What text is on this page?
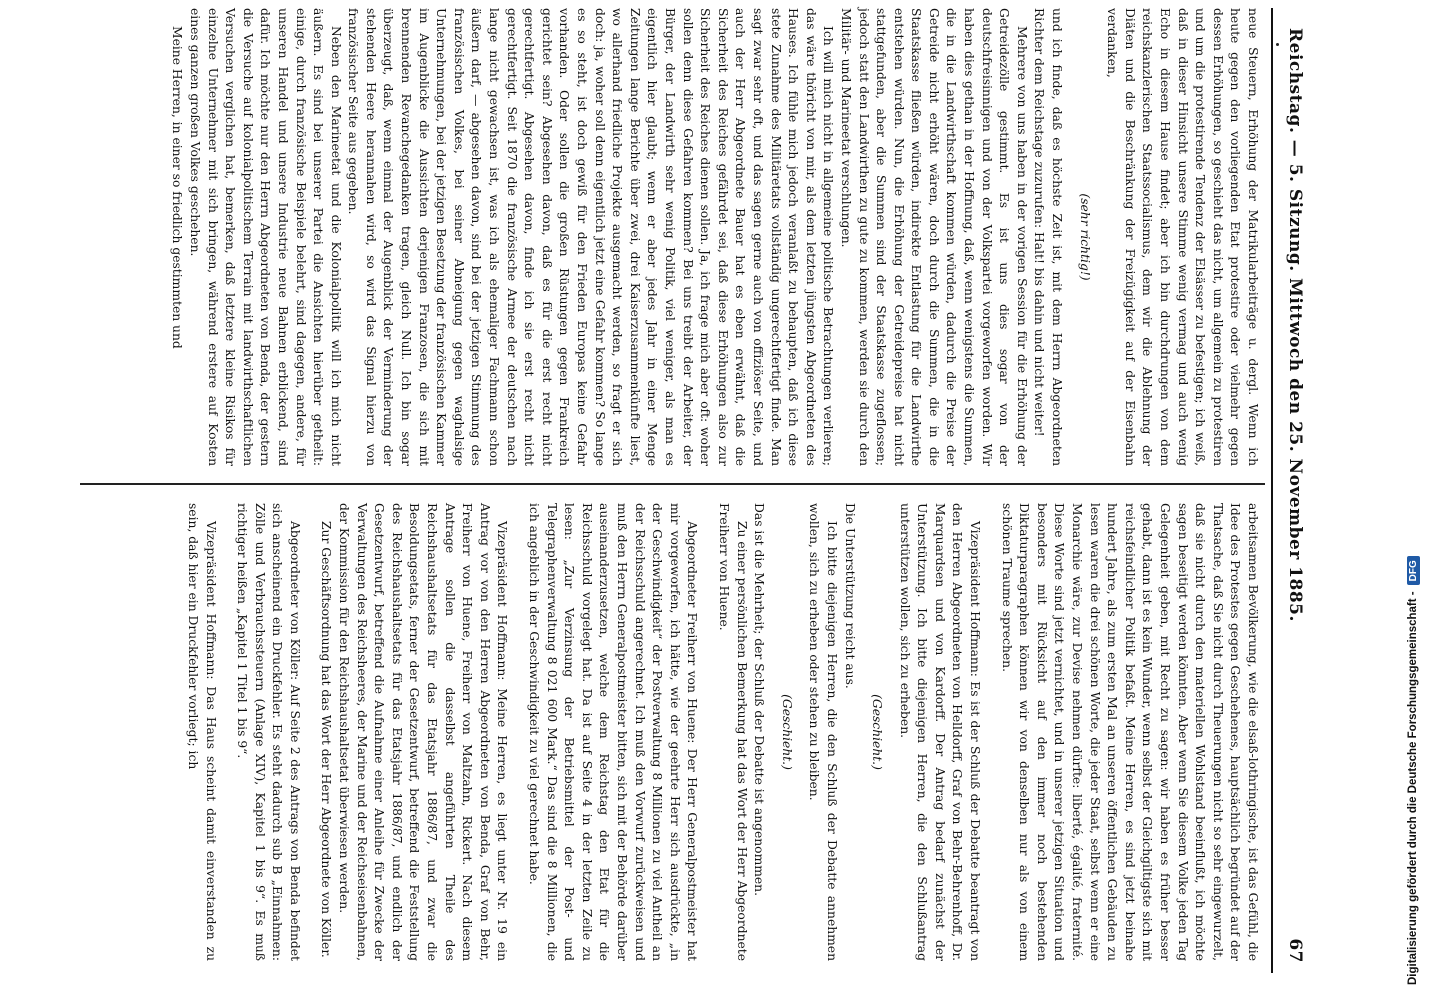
Reichstag. — 5. Sitzung.
Mittwoch den 25. November 1885.
67

neue Steuern, Erhöhung der Matrikularbeiträge u. dergl. Wenn ich heute gegen den vorliegenden Etat protestire oder vielmehr gegen dessen Erhöhungen, so geschieht das nicht, um allgemein zu protestiren und um die protestirende Tendenz der Elsässer zu befestigen; ich weiß, daß in dieser Hinsicht unsere Stimme wenig vermag und auch wenig Echo in diesem Hause findet; aber ich bin durchdrungen von dem reichskanzlerischen Staatssocialismus, dem wir die Ablehnung der Diäten und die Beschränkung der Freizügigkeit auf der Eisenbahn verdanken,

(sehr richtig!)

und ich finde, daß es höchste Zeit ist, mit dem Herrn Abgeordneten Richter dem Reichstage zuzurufen: Halt! bis dahin und nicht weiter!

Mehrere von uns haben in der vorigen Session für die Erhöhung der Getreidezölle gestimmt. Es ist uns dies sogar von der deutschfreisinnigen und von der Volkspartei vorgeworfen worden. Wir haben dies gethan in der Hoffnung, daß, wenn wenigstens die Summen, die in die Landwirthschaft kommen würden, dadurch die Preise der Getreide nicht erhöht wären, doch durch die Summen, die in die Staatskasse fließen würden, indirekte Entlastung für die Landwirthe entstehen würden. Nun, die Erhöhung der Getreidepreise hat nicht stattgefunden, aber die Summen sind der Staatskasse zugeflossen; jedoch statt den Landwirthen zu gute zu kommen, werden sie durch den Militär- und Marineetat verschlungen.

Ich will mich nicht in allgemeine politische Betrachtungen verlieren; das wäre thöricht von mir, als dem letzten jüngsten Abgeordneten des Hauses. Ich fühle mich jedoch veranlaßt zu behaupten, daß ich diese stete Zunahme des Militäretats vollständig ungerechtfertigt finde. Man sagt zwar sehr oft, und das sagen gerne auch von offiziöser Seite, und auch der Herr Abgeordnete Bauer hat es eben erwähnt, daß die Sicherheit des Reiches gefährdet sei, daß diese Erhöhungen also zur Sicherheit des Reiches dienen sollen. Ja, ich frage mich aber oft: woher sollen denn diese Gefahren kommen? Bei uns treibt der Arbeiter, der Bürger, der Landwirth sehr wenig Politik, viel weniger, als man es eigentlich hier glaubt; wenn er aber jedes Jahr in einer Menge Zeitungen lange Berichte über zwei, drei Kaiserzusammenkünfte liest, wo allerhand friedliche Projekte ausgemacht werden, so fragt er sich doch: ja, woher soll denn eigentlich jetzt eine Gefahr kommen? So lange es so steht, ist doch gewiß für den Frieden Europas keine Gefahr vorhanden. Oder sollen die großen Rüstungen gegen Frankreich gerichtet sein? Abgesehen davon, daß es für die erst recht nicht gerechtfertigt. Abgesehen davon, finde ich sie erst recht nicht gerechtfertigt. Seit 1870 die französische Armee der deutschen nach lange nicht gewachsen ist, was ich als ehemaliger Fachmann schon äußern darf, — abgesehen davon, sind bei der jetzigen Stimmung des französischen Volkes, bei seiner Abneigung gegen waghalsige Unternehmungen, bei der jetzigen Besetzung der französischen Kammer im Augenblicke die Aussichten derjenigen Franzosen, die sich mit brennenden Revanchegedanken tragen, gleich Null. Ich bin sogar überzeugt, daß, wenn einmal der Augenblick der Verminderung der stehenden Heere herannahen wird, so wird das Signal hierzu von französischer Seite aus gegeben.

Neben den Marineetat und die Kolonialpolitik will ich mich nicht äußern. Es sind bei unserer Partei die Ansichten hierüber getheilt: einige, durch französische Beispiele belehrt, sind dagegen, andere, für unseren Handel und unsere Industrie neue Bahnen erblickend, sind dafür. Ich möchte nur den Herrn Abgeordneten von Benda, der gestern die Versuche auf kolonialpolitischem Terrain mit landwirthschaftlichen Versuchen verglichen hat, bemerken, daß letztere kleine Risikos für einzelne Unternehmer mit sich bringen, während erstere auf Kosten eines ganzen großen Volkes geschehen.

Meine Herren, in einer so friedlich gestimmten und

arbeitsamen Bevölkerung, wie die elsaß-lothringische, ist das Gefühl, die Idee des Protestes gegen Geschehenes, hauptsächlich begründet auf der Thatsache, daß Sie nicht durch Theuerungen nicht so sehr eingewurzelt, daß sie nicht durch den materiellen Wohlstand beeinflußt, ich möchte sagen beseitigt werden könnten. Aber wenn Sie diesem Volke jeden Tag Gelegenheit geben, mit Recht zu sagen: wir haben es früher besser gehabt, dann ist es kein Wunder, wenn selbst der Gleichgiltigste sich mit reichsfeindlicher Politik befaßt. Meine Herren, es sind jetzt beinahe hundert Jahre, als zum ersten Mal an unseren öffentlichen Gebäuden zu lesen waren die drei schönen Worte, die jeder Staat, selbst wenn er eine Monarchie wäre, zur Devise nehmen dürfte: liberté, égalité, fraternité. Diese Worte sind jetzt vernichtet, und in unserer jetzigen Situation und besonders mit Rücksicht auf den immer noch bestehenden Diktaturparagraphen können wir von denselben nur als von einem schönen Traume sprechen.

Vizepräsident Hoffmann: Es ist der Schluß der Debatte beantragt von den Herren Abgeordneten von Helldorff, Graf von Behr-Behrenhoff, Dr. Marquardsen und von Kardorff. Der Antrag bedarf zunächst der Unterstützung. Ich bitte diejenigen Herren, die den Schlußantrag unterstützen wollen, sich zu erheben.

(Geschieht.)

Die Unterstützung reicht aus.

Ich bitte diejenigen Herren, die den Schluß der Debatte annehmen wollen, sich zu erheben oder stehen zu bleiben.

(Geschieht.)

Das ist die Mehrheit; der Schluß der Debatte ist angenommen.

Zu einer persönlichen Bemerkung hat das Wort der Herr Abgeordnete Freiherr von Huene.

Abgeordneter Freiherr von Huene: Der Herr Generalpostmeister hat mir vorgeworfen, ich hätte, wie der geehrte Herr sich ausdrückte, „in der Geschwindigkeit“ der Postverwaltung 8 Millionen zu viel Antheil an der Reichsschuld angerechnet. Ich muß den Vorwurf zurückweisen und muß den Herrn Generalpostmeister bitten, sich mit der Behörde darüber auseinanderzusetzen, welche dem Reichstag den Etat für die Reichsschuld vorgelegt hat. Da ist auf Seite 4 in der letzten Zeile zu lesen: „Zur Verzinsung der Betriebsmittel der Post- und Telegraphenverwaltung 8 021 600 Mark.“ Das sind die 8 Millionen, die ich angeblich in der Geschwindigkeit zu viel gerechnet habe.

Vizepräsident Hoffmann: Meine Herren, es liegt unter Nr. 19 ein Antrag vor von den Herren Abgeordneten von Benda, Graf von Behr, Freiherr von Huene, Freiherr von Maltzahn, Rickert. Nach diesem Antrage sollen die dasselbst angeführten Theile des Reichshaushaltsetats für das Etatsjahr 1886/87, und zwar die Besoldungsetats, ferner der Gesetzentwurf, betreffend die Feststellung des Reichshaushaltsetats für das Etatsjahr 1886/87, und endlich der Gesetzentwurf, betreffend die Aufnahme einer Anleihe für Zwecke der Verwaltungen des Reichsheeres, der Marine und der Reichseisenbahnen, der Kommission für den Reichshaushaltsetat überwiesen werden.

Zur Geschäftsordnung hat das Wort der Herr Abgeordnete von Köller.

Abgeordneter von Köller: Auf Seite 2 des Antrags von Benda befindet sich anscheinend ein Druckfehler. Es steht dadurch sub B „Einnahmen: Zölle und Verbrauchssteuern (Anlage XIV), Kapitel 1 bis 9“. Es muß richtiger heißen „Kapitel 1 Titel 1 bis 9“.

Vizepräsident Hoffmann: Das Haus scheint damit einverstanden zu sein, daß hier ein Druckfehler vorliegt; ich	Digitalisierung gefördert durch die Deutsche Forschungsgemeinschaft -
DFG
